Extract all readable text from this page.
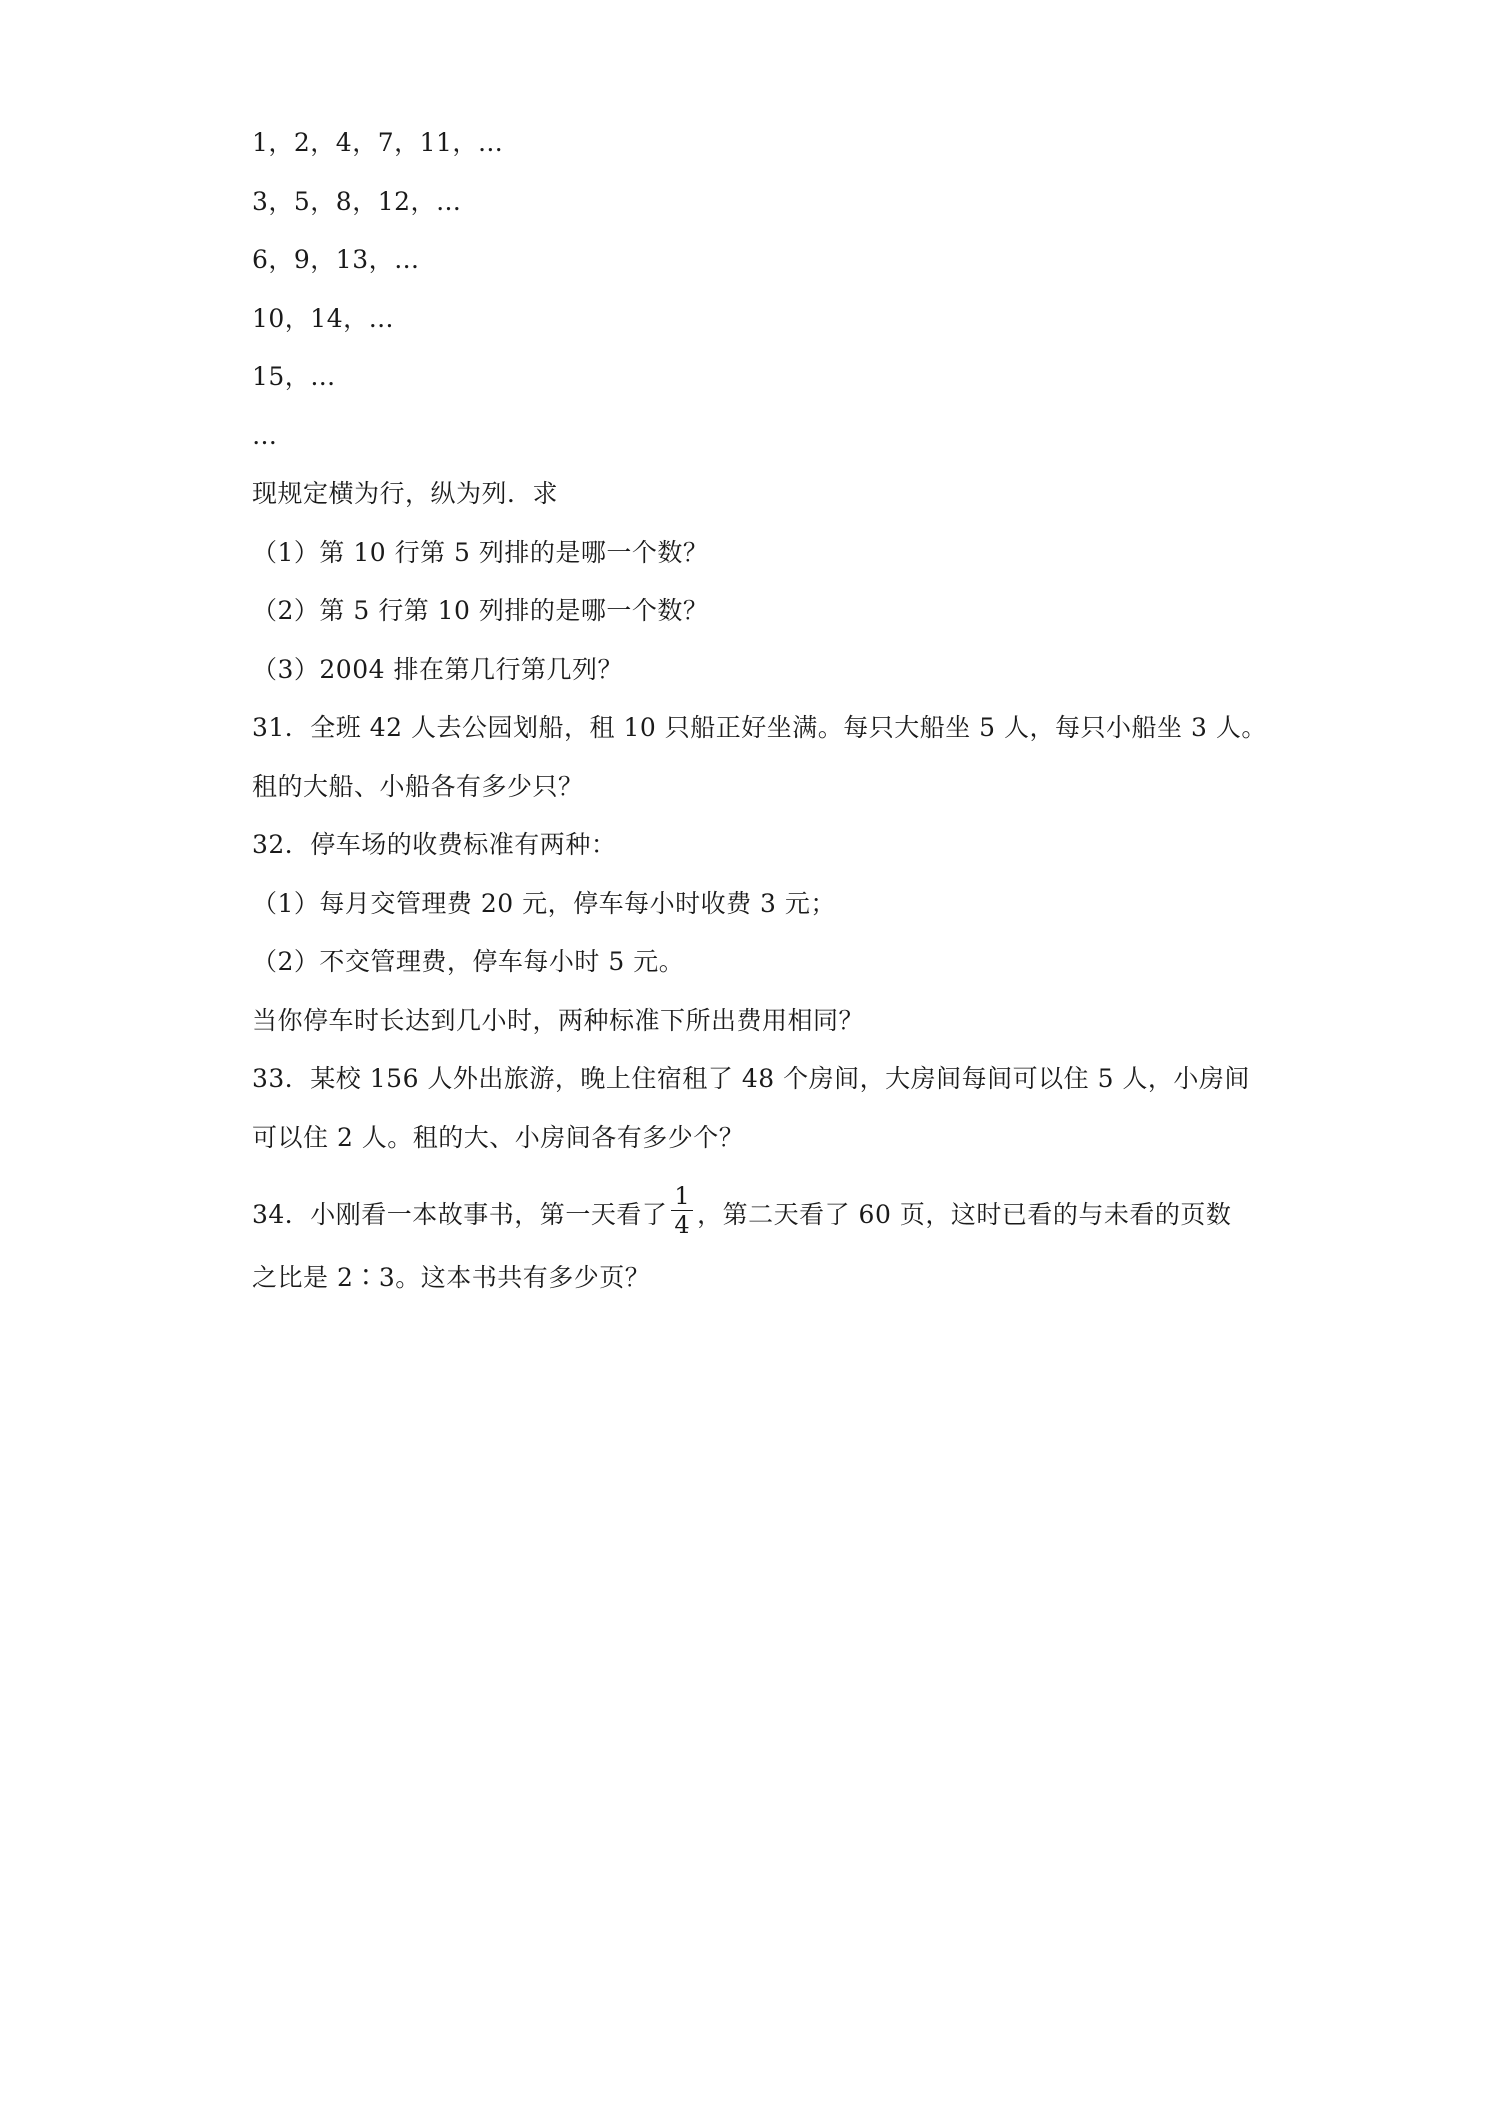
1，2，4，7，11，…
3，5，8，12，…
6，9，13，…
10，14，…
15，…
…
现规定横为行，纵为列．求
（1）第 10 行第 5 列排的是哪一个数？
（2）第 5 行第 10 列排的是哪一个数？
（3）2004 排在第几行第几列？
31．全班 42 人去公园划船，租 10 只船正好坐满。每只大船坐 5 人，每只小船坐 3 人。
租的大船、小船各有多少只？
32．停车场的收费标准有两种：
（1）每月交管理费 20 元，停车每小时收费 3 元；
（2）不交管理费，停车每小时 5 元。
当你停车时长达到几小时，两种标准下所出费用相同？
33．某校 156 人外出旅游，晚上住宿租了 48 个房间，大房间每间可以住 5 人，小房间
可以住 2 人。租的大、小房间各有多少个？
34．小刚看一本故事书，第一天看了 $\frac{1}{4}$ ，第二天看了 60 页，这时已看的与未看的页数
之比是 2∶3。这本书共有多少页？
